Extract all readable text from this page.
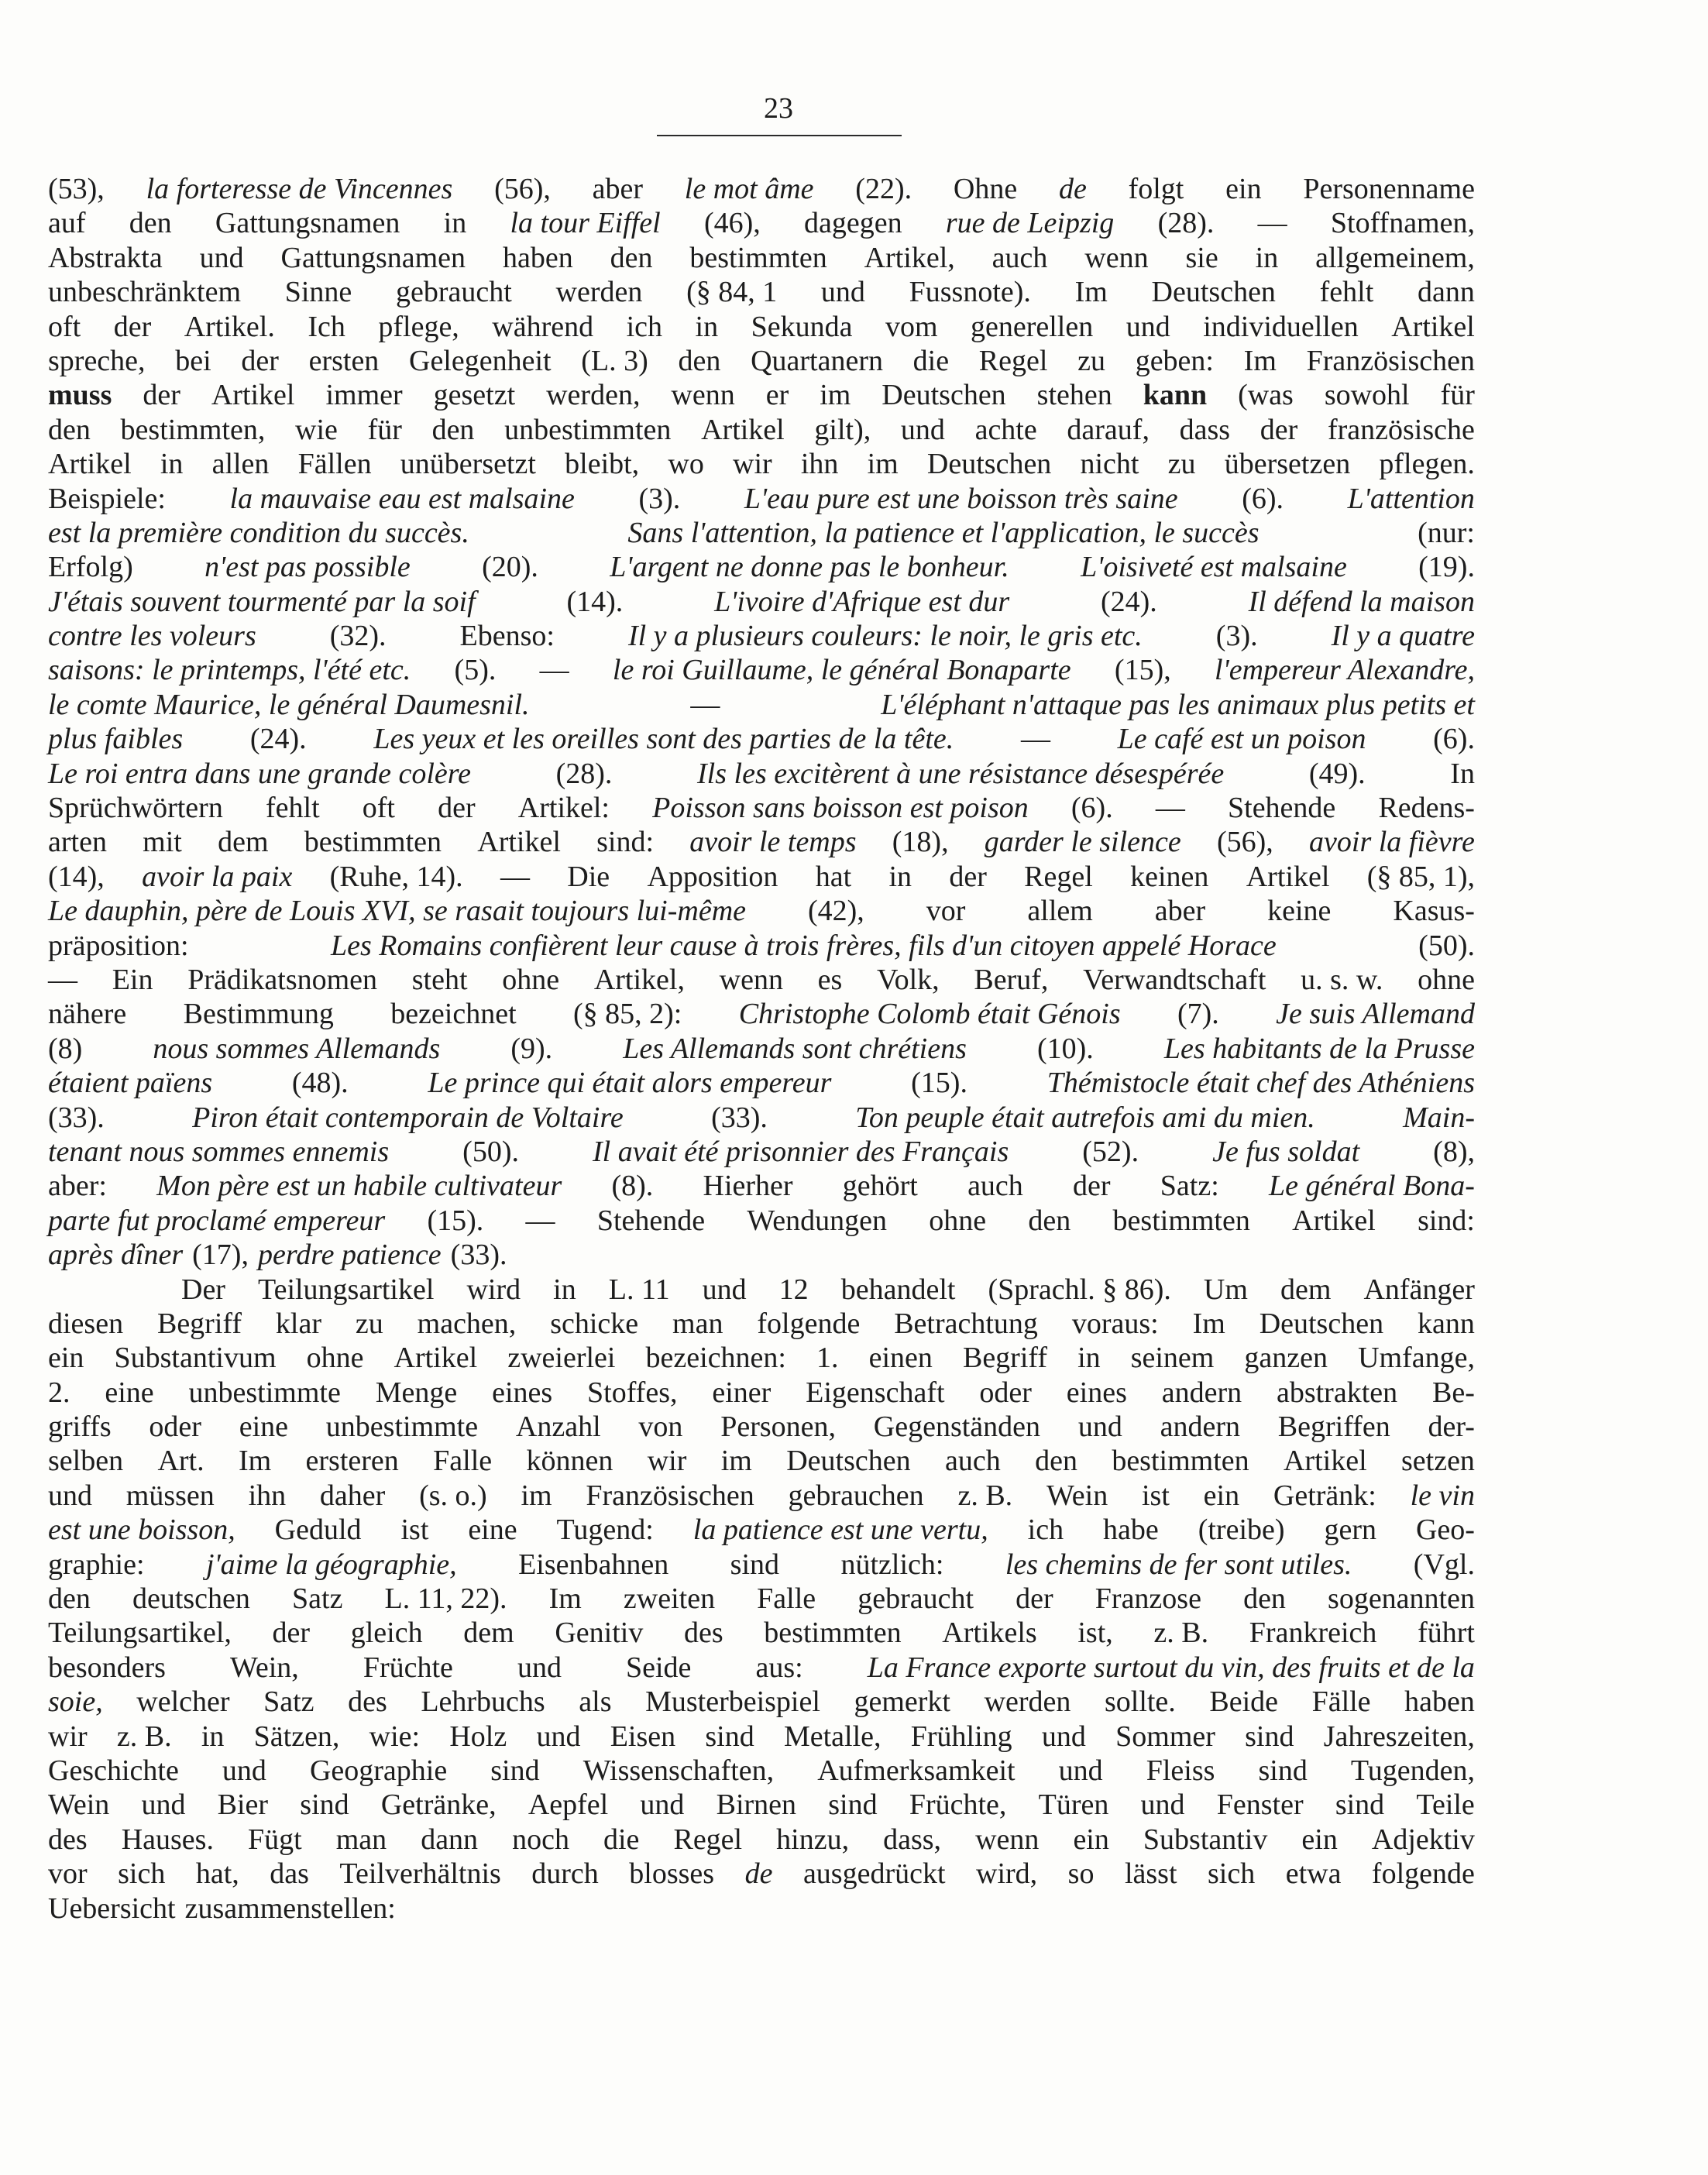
23
(53), la forteresse de Vincennes (56), aber le mot âme (22). Ohne de folgt ein Personenname
auf den Gattungsnamen in la tour Eiffel (46), dagegen rue de Leipzig (28). — Stoffnamen,
Abstrakta und Gattungsnamen haben den bestimmten Artikel, auch wenn sie in allgemeinem,
unbeschränktem Sinne gebraucht werden (§ 84, 1 und Fussnote). Im Deutschen fehlt dann
oft der Artikel. Ich pflege, während ich in Sekunda vom generellen und individuellen Artikel
spreche, bei der ersten Gelegenheit (L. 3) den Quartanern die Regel zu geben: Im Französischen
muss der Artikel immer gesetzt werden, wenn er im Deutschen stehen kann (was sowohl für
den bestimmten, wie für den unbestimmten Artikel gilt), und achte darauf, dass der französische
Artikel in allen Fällen unübersetzt bleibt, wo wir ihn im Deutschen nicht zu übersetzen pflegen.
Beispiele: la mauvaise eau est malsaine (3). L'eau pure est une boisson très saine (6). L'attention
est la première condition du succès.	Sans l'attention, la patience et l'application, le succès	(nur:
Erfolg) n'est pas possible (20). L'argent ne donne pas le bonheur. L'oisiveté est malsaine (19).
J'étais souvent tourmenté par la soif	(14).	L'ivoire d'Afrique est dur	(24).	Il défend la maison
contre les voleurs (32). Ebenso: Il y a plusieurs couleurs: le noir, le gris etc. (3). Il y a quatre
saisons: le printemps, l'été etc. (5). — le roi Guillaume, le général Bonaparte (15), l'empereur Alexandre,
le comte Maurice, le général Daumesnil.	—	L'éléphant n'attaque pas les animaux plus petits et
plus faibles (24). Les yeux et les oreilles sont des parties de la tête. — Le café est un poison (6).
Le roi entra dans une grande colère	(28).	Ils les excitèrent à une résistance désespérée	(49).	In
Sprüchwörtern fehlt oft der Artikel: Poisson sans boisson est poison (6). — Stehende Redens-
arten mit dem bestimmten Artikel sind: avoir le temps (18), garder le silence (56), avoir la fièvre
(14), avoir la paix (Ruhe, 14). — Die Apposition hat in der Regel keinen Artikel (§ 85, 1),
Le dauphin, père de Louis XVI, se rasait toujours lui-même (42), vor allem aber keine Kasus-
präposition:	Les Romains confièrent leur cause à trois frères, fils d'un citoyen appelé Horace	(50).
— Ein Prädikatsnomen steht ohne Artikel, wenn es Volk, Beruf, Verwandtschaft u. s. w. ohne
nähere Bestimmung bezeichnet (§ 85, 2): Christophe Colomb était Génois (7). Je suis Allemand
(8) nous sommes Allemands (9). Les Allemands sont chrétiens (10). Les habitants de la Prusse
étaient païens	(48).	Le prince qui était alors empereur	(15).	Thémistocle était chef des Athéniens
(33).	Piron était contemporain de Voltaire	(33).	Ton peuple était autrefois ami du mien.	Main-
tenant nous sommes ennemis	(50).	Il avait été prisonnier des Français	(52).	Je fus soldat	(8),
aber: Mon père est un habile cultivateur (8). Hierher gehört auch der Satz: Le général Bona-
parte fut proclamé empereur (15). — Stehende Wendungen ohne den bestimmten Artikel sind:
après dîner (17), perdre patience (33).
Der Teilungsartikel wird in L. 11 und 12 behandelt (Sprachl. § 86). Um dem Anfänger
diesen Begriff klar zu machen, schicke man folgende Betrachtung voraus: Im Deutschen kann
ein Substantivum ohne Artikel zweierlei bezeichnen: 1. einen Begriff in seinem ganzen Umfange,
2. eine unbestimmte Menge eines Stoffes, einer Eigenschaft oder eines andern abstrakten Be-
griffs oder eine unbestimmte Anzahl von Personen, Gegenständen und andern Begriffen der-
selben Art. Im ersteren Falle können wir im Deutschen auch den bestimmten Artikel setzen
und müssen ihn daher (s. o.) im Französischen gebrauchen z. B. Wein ist ein Getränk: le vin
est une boisson, Geduld ist eine Tugend: la patience est une vertu, ich habe (treibe) gern Geo-
graphie: j'aime la géographie, Eisenbahnen sind nützlich: les chemins de fer sont utiles. (Vgl.
den deutschen Satz L. 11, 22). Im zweiten Falle gebraucht der Franzose den sogenannten
Teilungsartikel, der gleich dem Genitiv des bestimmten Artikels ist, z. B. Frankreich führt
besonders Wein, Früchte und Seide aus: La France exporte surtout du vin, des fruits et de la
soie, welcher Satz des Lehrbuchs als Musterbeispiel gemerkt werden sollte. Beide Fälle haben
wir z. B. in Sätzen, wie: Holz und Eisen sind Metalle, Frühling und Sommer sind Jahreszeiten,
Geschichte und Geographie sind Wissenschaften, Aufmerksamkeit und Fleiss sind Tugenden,
Wein und Bier sind Getränke, Aepfel und Birnen sind Früchte, Türen und Fenster sind Teile
des Hauses. Fügt man dann noch die Regel hinzu, dass, wenn ein Substantiv ein Adjektiv
vor sich hat, das Teilverhältnis durch blosses de ausgedrückt wird, so lässt sich etwa folgende
Uebersicht zusammenstellen:
